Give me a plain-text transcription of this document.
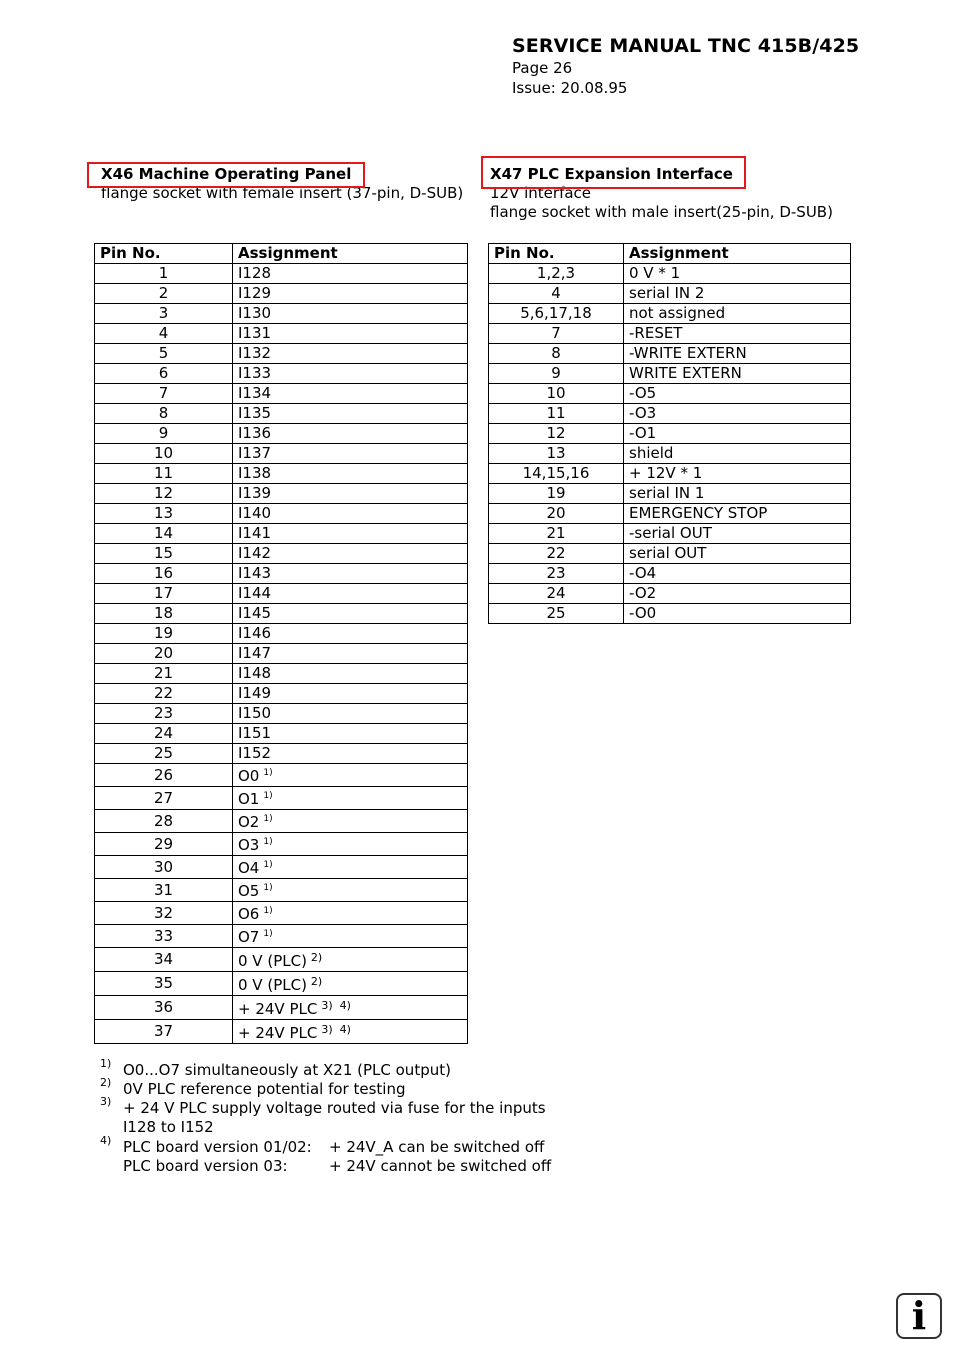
SERVICE MANUAL TNC 415B/425
Page 26
Issue: 20.08.95
flange socket with female insert (37-pin, D-SUB)
X46 Machine Operating Panel
12V interface
flange socket with male insert(25-pin, D-SUB)
X47 PLC Expansion Interface
Pin No.	Assignment
1	I128
2	I129
3	I130
4	I131
5	I132
6	I133
7	I134
8	I135
9	I136
10	I137
11	I138
12	I139
13	I140
14	I141
15	I142
16	I143
17	I144
18	I145
19	I146
20	I147
21	I148
22	I149
23	I150
24	I151
25	I152
26	O0 $^{1)}$
27	O1 $^{1)}$
28	O2 $^{1)}$
29	O3 $^{1)}$
30	O4 $^{1)}$
31	O5 $^{1)}$
32	O6 $^{1)}$
33	O7 $^{1)}$
34	0 V (PLC) $^{2)}$
35	0 V (PLC) $^{2)}$
36	+ 24V PLC $^{3) 4)}$
37	+ 24V PLC $^{3) 4)}$
Pin No.	Assignment
1,2,3	0 V * 1
4	serial IN 2
5,6,17,18	not assigned
7	-RESET
8	-WRITE EXTERN
9	WRITE EXTERN
10	-O5
11	-O3
12	-O1
13	shield
14,15,16	+ 12V * 1
19	serial IN 1
20	EMERGENCY STOP
21	-serial OUT
22	serial OUT
23	-O4
24	-O2
25	-O0
1) O0...O7 simultaneously at X21 (PLC output)
2) 0V PLC reference potential for testing
3) + 24 V PLC supply voltage routed via fuse for the inputs
I128 to I152
4) PLC board version 01/02: + 24V_A can be switched off
PLC board version 03:	+ 24V cannot be switched off
i
